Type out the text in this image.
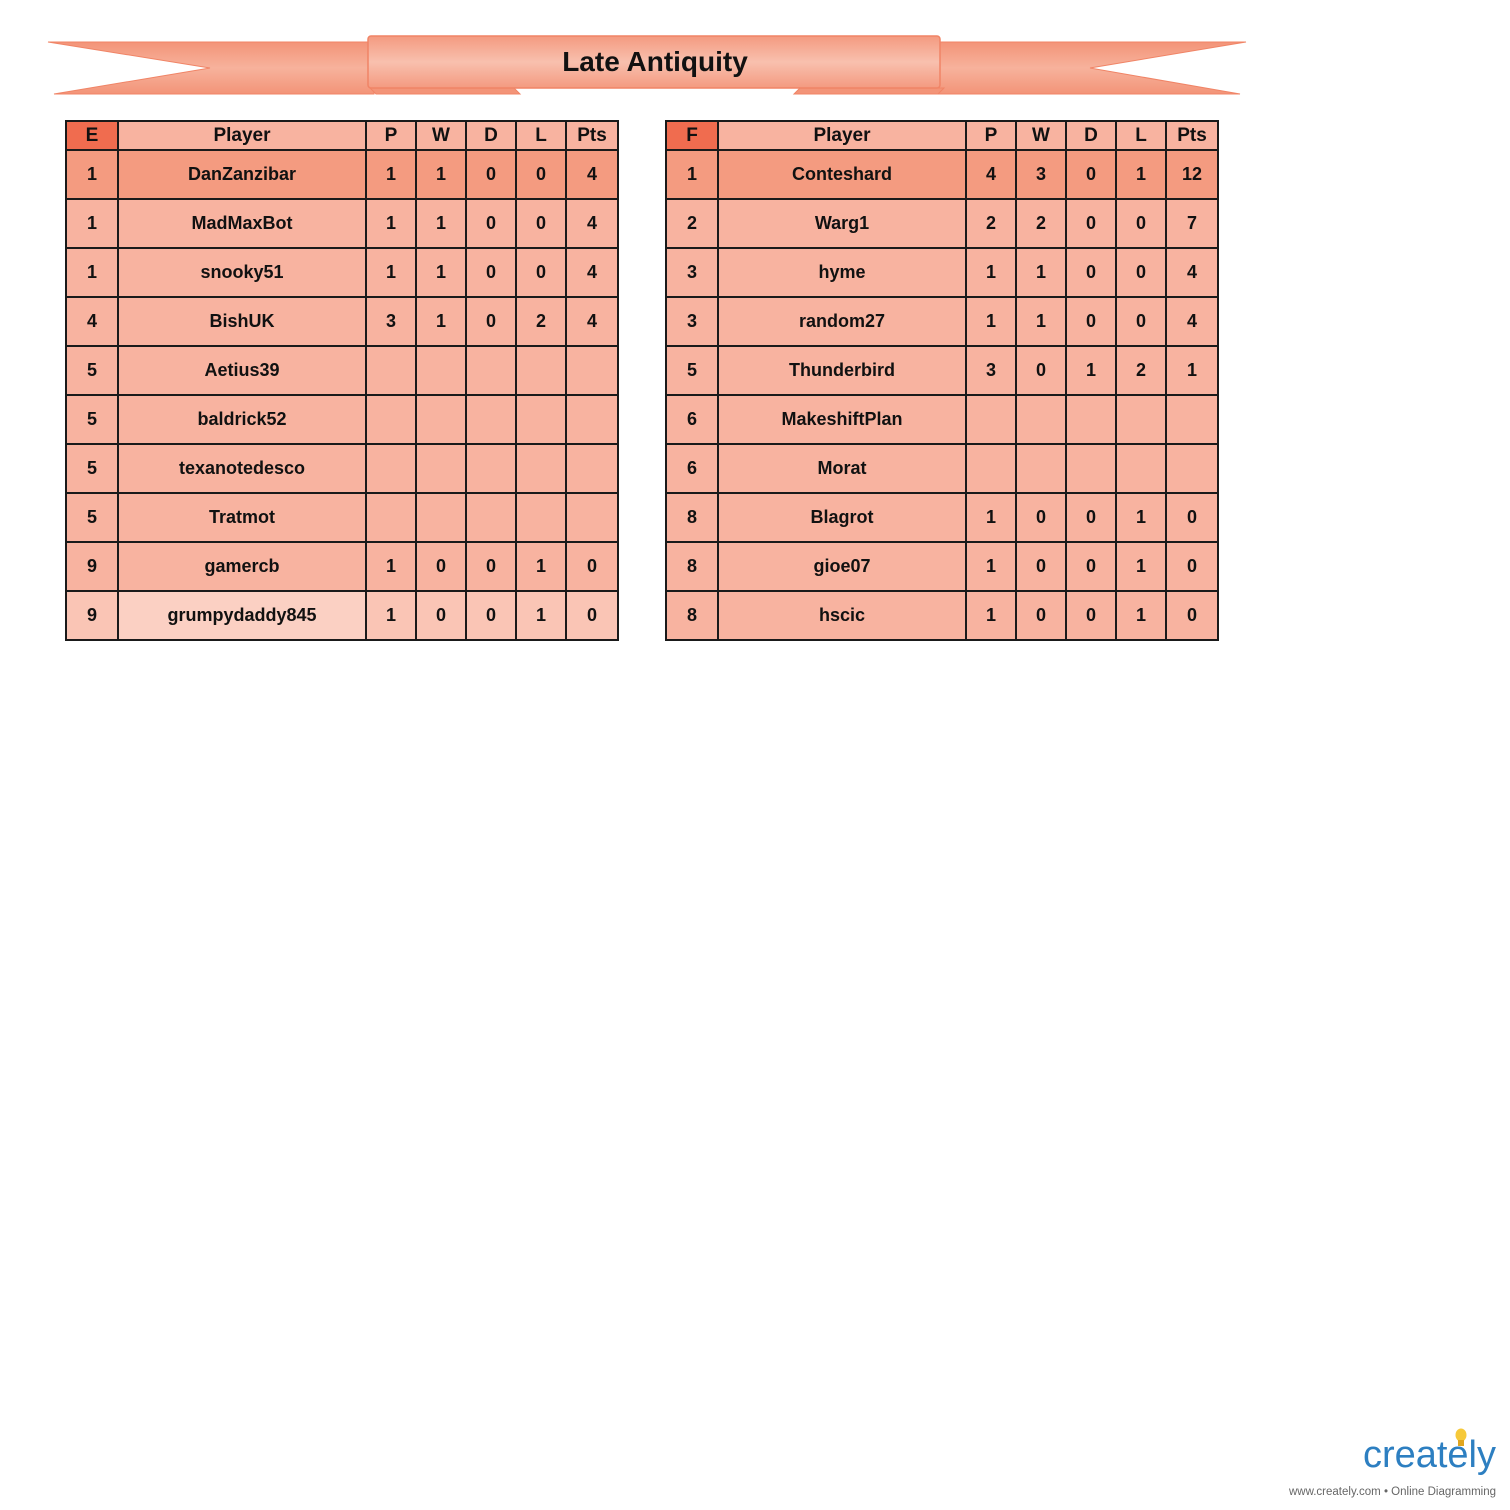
Late Antiquity
E	Player	P	W	D	L	Pts
1	DanZanzibar	1	1	0	0	4
1	MadMaxBot	1	1	0	0	4
1	snooky51	1	1	0	0	4
4	BishUK	3	1	0	2	4
5	Aetius39					
5	baldrick52					
5	texanotedesco					
5	Tratmot					
9	gamercb	1	0	0	1	0
9	grumpydaddy845	1	0	0	1	0
F	Player	P	W	D	L	Pts
1	Conteshard	4	3	0	1	12
2	Warg1	2	2	0	0	7
3	hyme	1	1	0	0	4
3	random27	1	1	0	0	4
5	Thunderbird	3	0	1	2	1
6	MakeshiftPlan					
6	Morat					
8	Blagrot	1	0	0	1	0
8	gioe07	1	0	0	1	0
8	hscic	1	0	0	1	0
creately
www.creately.com • Online Diagramming
